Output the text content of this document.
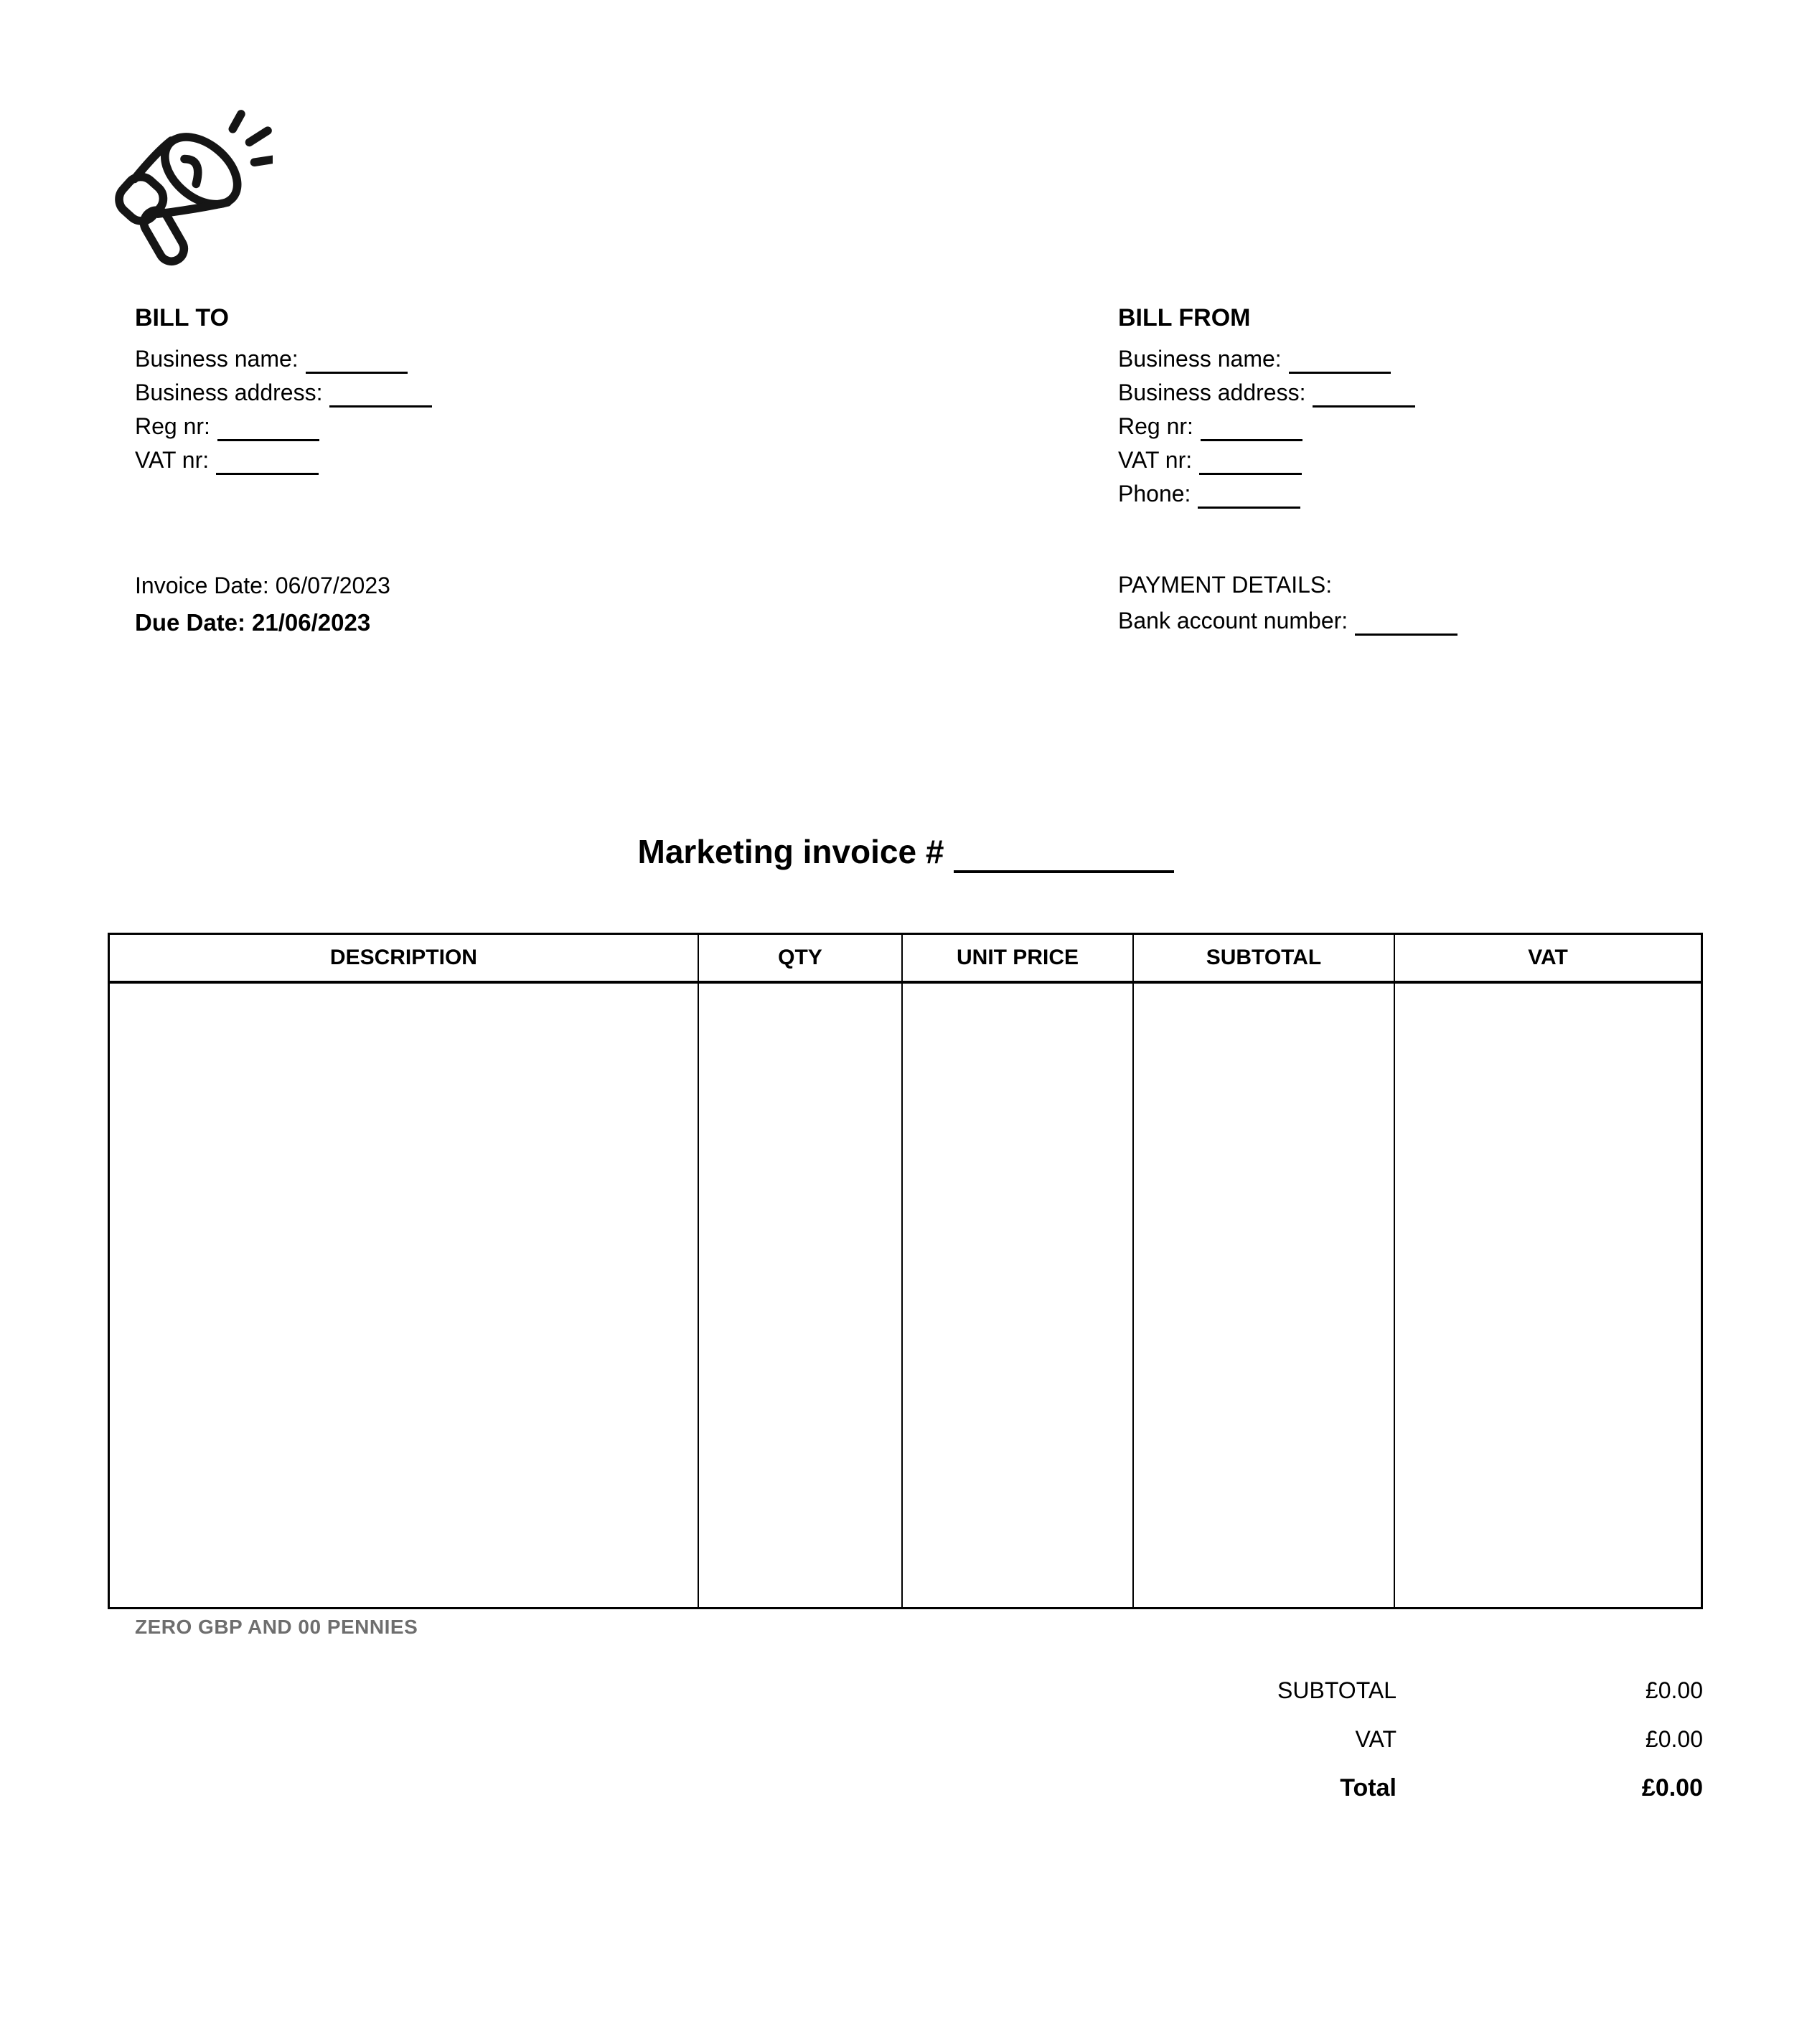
BILL TO
Business name:
Business address:
Reg nr:
VAT nr:
BILL FROM
Business name:
Business address:
Reg nr:
VAT nr:
Phone:
Invoice Date: 06/07/2023
Due Date: 21/06/2023
PAYMENT DETAILS:
Bank account number:
Marketing invoice #
DESCRIPTION	QTY	UNIT PRICE	SUBTOTAL	VAT

ZERO GBP AND 00 PENNIES
SUBTOTAL	£0.00
VAT	£0.00
Total	£0.00
